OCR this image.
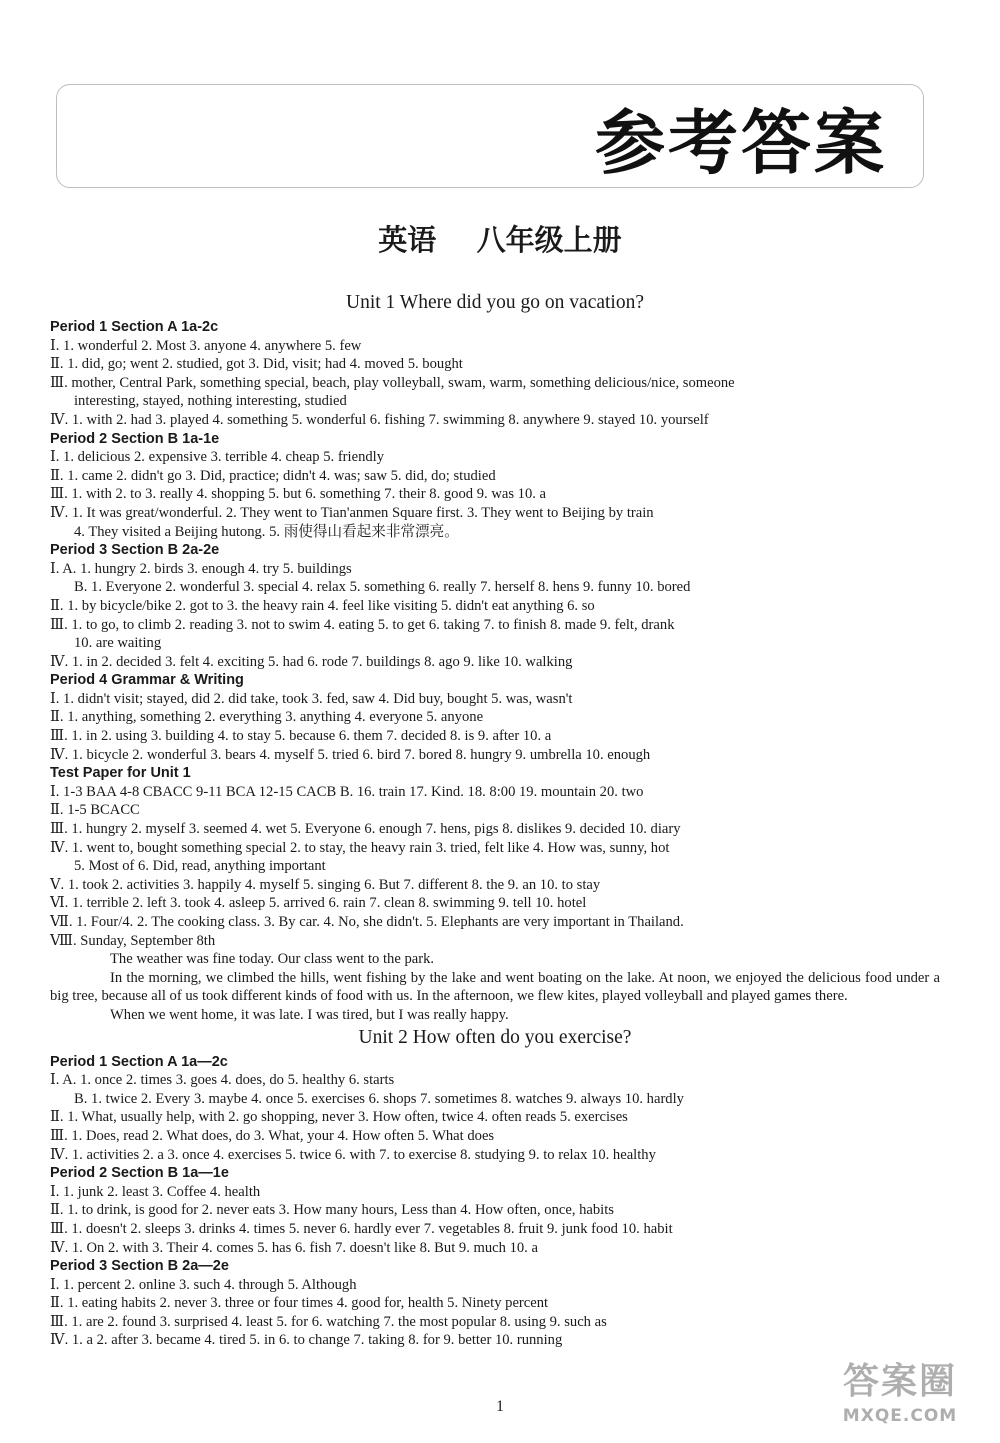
参考答案
英语    八年级上册
Unit 1 Where did you go on vacation?
Period 1 Section A 1a-2c
Ⅰ. 1. wonderful 2. Most 3. anyone 4. anywhere 5. few
Ⅱ. 1. did, go; went 2. studied, got 3. Did, visit; had 4. moved 5. bought
Ⅲ. mother, Central Park, something special, beach, play volleyball, swam, warm, something delicious/nice, someone
interesting, stayed, nothing interesting, studied
Ⅳ. 1. with 2. had 3. played 4. something 5. wonderful 6. fishing 7. swimming 8. anywhere 9. stayed 10. yourself
Period 2 Section B 1a-1e
Ⅰ. 1. delicious 2. expensive 3. terrible 4. cheap 5. friendly
Ⅱ. 1. came 2. didn't go 3. Did, practice; didn't 4. was; saw 5. did, do; studied
Ⅲ. 1. with 2. to 3. really 4. shopping 5. but 6. something 7. their 8. good 9. was 10. a
Ⅳ. 1. It was great/wonderful. 2. They went to Tian'anmen Square first. 3. They went to Beijing by train
4. They visited a Beijing hutong. 5. 雨使得山看起来非常漂亮。
Period 3 Section B 2a-2e
Ⅰ. A. 1. hungry 2. birds 3. enough 4. try 5. buildings
B. 1. Everyone 2. wonderful 3. special 4. relax 5. something 6. really 7. herself 8. hens 9. funny 10. bored
Ⅱ. 1. by bicycle/bike 2. got to 3. the heavy rain 4. feel like visiting 5. didn't eat anything 6. so
Ⅲ. 1. to go, to climb 2. reading 3. not to swim 4. eating 5. to get 6. taking 7. to finish 8. made 9. felt, drank
10. are waiting
Ⅳ. 1. in 2. decided 3. felt 4. exciting 5. had 6. rode 7. buildings 8. ago 9. like 10. walking
Period 4 Grammar & Writing
Ⅰ. 1. didn't visit; stayed, did 2. did take, took 3. fed, saw 4. Did buy, bought 5. was, wasn't
Ⅱ. 1. anything, something 2. everything 3. anything 4. everyone 5. anyone
Ⅲ. 1. in 2. using 3. building 4. to stay 5. because 6. them 7. decided 8. is 9. after 10. a
Ⅳ. 1. bicycle 2. wonderful 3. bears 4. myself 5. tried 6. bird 7. bored 8. hungry 9. umbrella 10. enough
Test Paper for Unit 1
Ⅰ. 1-3 BAA 4-8 CBACC 9-11 BCA 12-15 CACB B. 16. train 17. Kind. 18. 8:00 19. mountain 20. two
Ⅱ. 1-5 BCACC
Ⅲ. 1. hungry 2. myself 3. seemed 4. wet 5. Everyone 6. enough 7. hens, pigs 8. dislikes 9. decided 10. diary
Ⅳ. 1. went to, bought something special 2. to stay, the heavy rain 3. tried, felt like 4. How was, sunny, hot
5. Most of 6. Did, read, anything important
Ⅴ. 1. took 2. activities 3. happily 4. myself 5. singing 6. But 7. different 8. the 9. an 10. to stay
Ⅵ. 1. terrible 2. left 3. took 4. asleep 5. arrived 6. rain 7. clean 8. swimming 9. tell 10. hotel
Ⅶ. 1. Four/4. 2. The cooking class. 3. By car. 4. No, she didn't. 5. Elephants are very important in Thailand.
Ⅷ. Sunday, September 8th
The weather was fine today. Our class went to the park.
In the morning, we climbed the hills, went fishing by the lake and went boating on the lake. At noon, we enjoyed the delicious food under a big tree, because all of us took different kinds of food with us. In the afternoon, we flew kites, played volleyball and played games there.
When we went home, it was late. I was tired, but I was really happy.
Unit 2 How often do you exercise?
Period 1 Section A 1a—2c
Ⅰ. A. 1. once 2. times 3. goes 4. does, do 5. healthy 6. starts
B. 1. twice 2. Every 3. maybe 4. once 5. exercises 6. shops 7. sometimes 8. watches 9. always 10. hardly
Ⅱ. 1. What, usually help, with 2. go shopping, never 3. How often, twice 4. often reads 5. exercises
Ⅲ. 1. Does, read 2. What does, do 3. What, your 4. How often 5. What does
Ⅳ. 1. activities 2. a 3. once 4. exercises 5. twice 6. with 7. to exercise 8. studying 9. to relax 10. healthy
Period 2 Section B 1a—1e
Ⅰ. 1. junk 2. least 3. Coffee 4. health
Ⅱ. 1. to drink, is good for 2. never eats 3. How many hours, Less than 4. How often, once, habits
Ⅲ. 1. doesn't 2. sleeps 3. drinks 4. times 5. never 6. hardly ever 7. vegetables 8. fruit 9. junk food 10. habit
Ⅳ. 1. On 2. with 3. Their 4. comes 5. has 6. fish 7. doesn't like 8. But 9. much 10. a
Period 3 Section B 2a—2e
Ⅰ. 1. percent 2. online 3. such 4. through 5. Although
Ⅱ. 1. eating habits 2. never 3. three or four times 4. good for, health 5. Ninety percent
Ⅲ. 1. are 2. found 3. surprised 4. least 5. for 6. watching 7. the most popular 8. using 9. such as
Ⅳ. 1. a 2. after 3. became 4. tired 5. in 6. to change 7. taking 8. for 9. better 10. running
1
答案圈
MXQE.COM
